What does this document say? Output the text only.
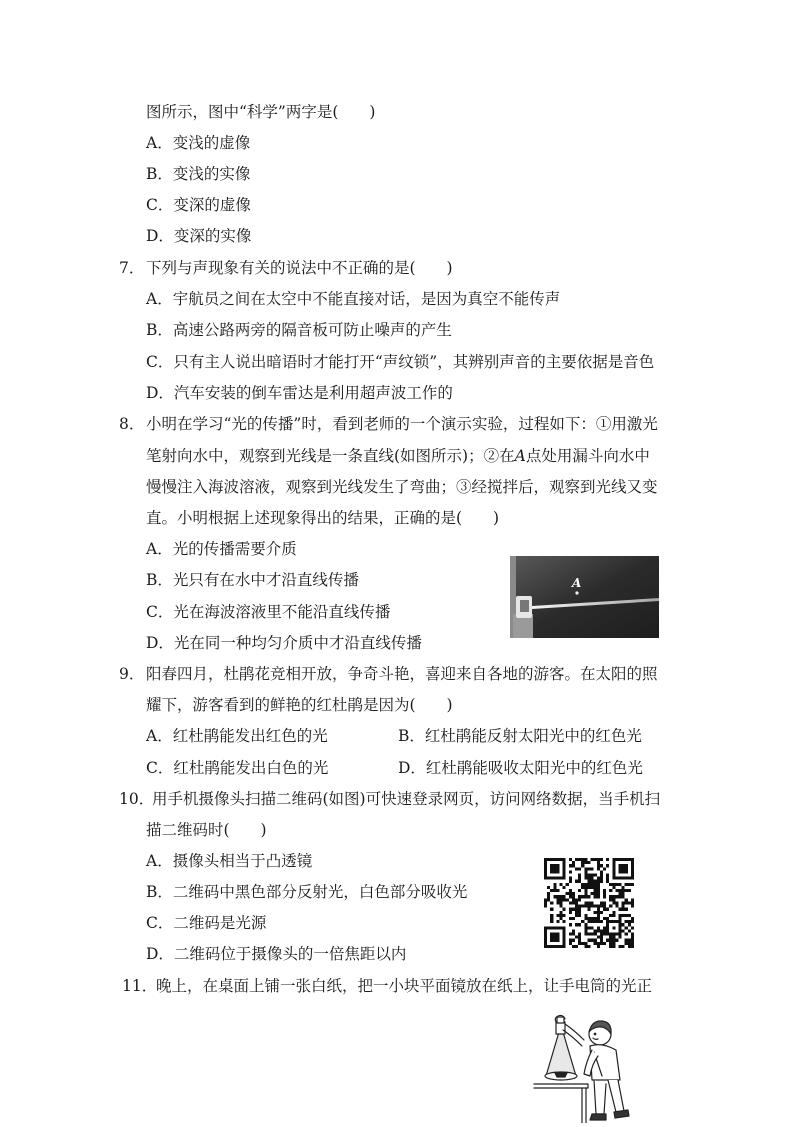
图所示，图中“科学”两字是(　　)
A．变浅的虚像
B．变浅的实像
C．变深的虚像
D．变深的实像
7． 下列与声现象有关的说法中不正确的是(　　)
A．宇航员之间在太空中不能直接对话，是因为真空不能传声
B．高速公路两旁的隔音板可防止噪声的产生
C．只有主人说出暗语时才能打开“声纹锁”，其辨别声音的主要依据是音色
D．汽车安装的倒车雷达是利用超声波工作的
8． 小明在学习“光的传播”时，看到老师的一个演示实验，过程如下：①用激光
笔射向水中，观察到光线是一条直线(如图所示)；②在A点处用漏斗向水中
慢慢注入海波溶液，观察到光线发生了弯曲；③经搅拌后，观察到光线又变
直。小明根据上述现象得出的结果，正确的是(　　)
A．光的传播需要介质
B．光只有在水中才沿直线传播
C．光在海波溶液里不能沿直线传播
D．光在同一种均匀介质中才沿直线传播
A
9． 阳春四月，杜鹃花竞相开放，争奇斗艳，喜迎来自各地的游客。在太阳的照
耀下，游客看到的鲜艳的红杜鹃是因为(　　)
A．红杜鹃能发出红色的光	B．红杜鹃能反射太阳光中的红色光
C．红杜鹃能发出白色的光	D．红杜鹃能吸收太阳光中的红色光
10．
用手机摄像头扫描二维码(如图)可快速登录网页，访问网络数据，当手机扫
描二维码时(　　)
A．摄像头相当于凸透镜
B．二维码中黑色部分反射光，白色部分吸收光
C．二维码是光源
D．二维码位于摄像头的一倍焦距以内
11．
晚上，在桌面上铺一张白纸，把一小块平面镜放在纸上，让手电筒的光正
